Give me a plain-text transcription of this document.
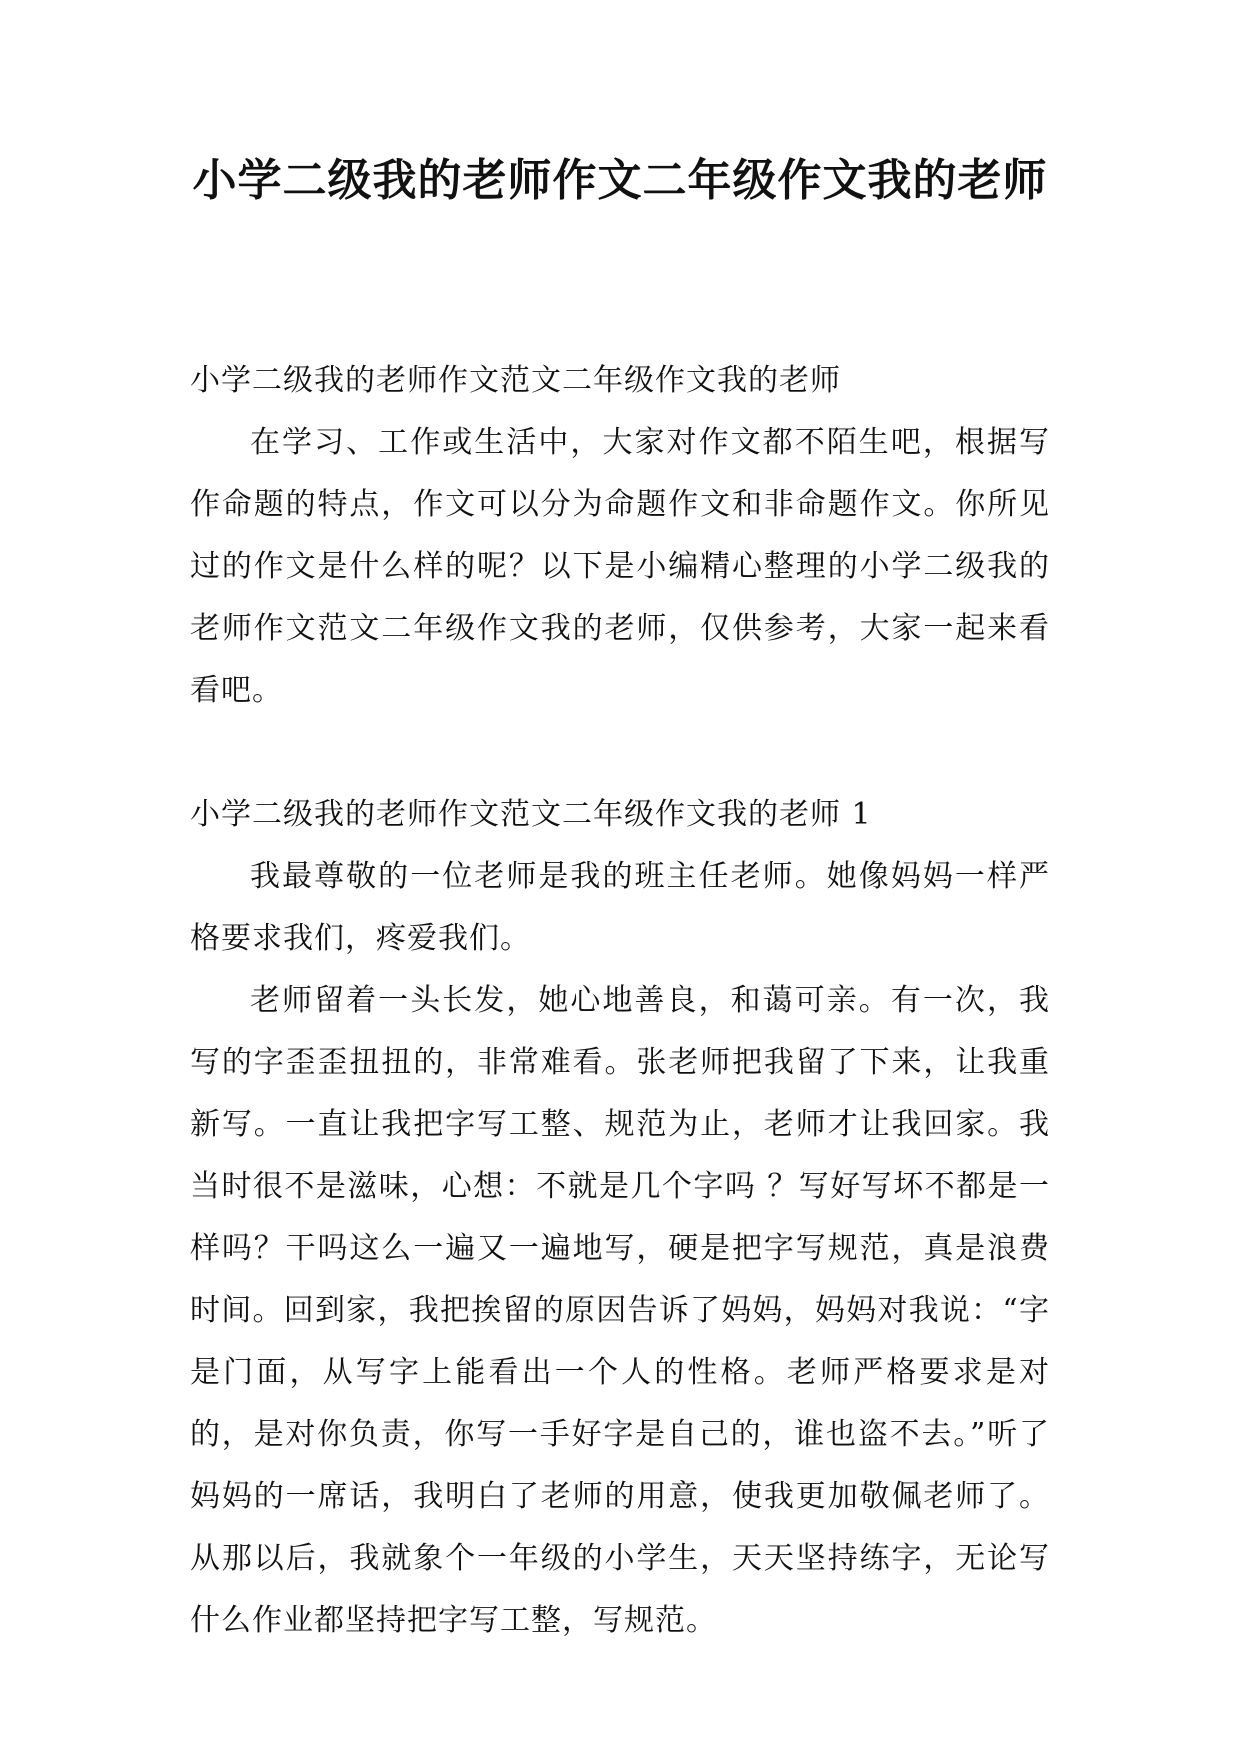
小学二级我的老师作文二年级作文我的老师

小学二级我的老师作文范文二年级作文我的老师

在学习、工作或生活中，大家对作文都不陌生吧，根据写作命题的特点，作文可以分为命题作文和非命题作文。你所见过的作文是什么样的呢？以下是小编精心整理的小学二级我的老师作文范文二年级作文我的老师，仅供参考，大家一起来看看吧。

小学二级我的老师作文范文二年级作文我的老师 1

我最尊敬的一位老师是我的班主任老师。她像妈妈一样严格要求我们，疼爱我们。

老师留着一头长发，她心地善良，和蔼可亲。有一次，我写的字歪歪扭扭的，非常难看。张老师把我留了下来，让我重新写。一直让我把字写工整、规范为止，老师才让我回家。我当时很不是滋味，心想：不就是几个字吗 ？写好写坏不都是一样吗？干吗这么一遍又一遍地写，硬是把字写规范，真是浪费时间。回到家，我把挨留的原因告诉了妈妈，妈妈对我说：“字是门面，从写字上能看出一个人的性格。老师严格要求是对的，是对你负责，你写一手好字是自己的，谁也盗不去。”听了妈妈的一席话，我明白了老师的用意，使我更加敬佩老师了。从那以后，我就象个一年级的小学生，天天坚持练字，无论写什么作业都坚持把字写工整，写规范。
